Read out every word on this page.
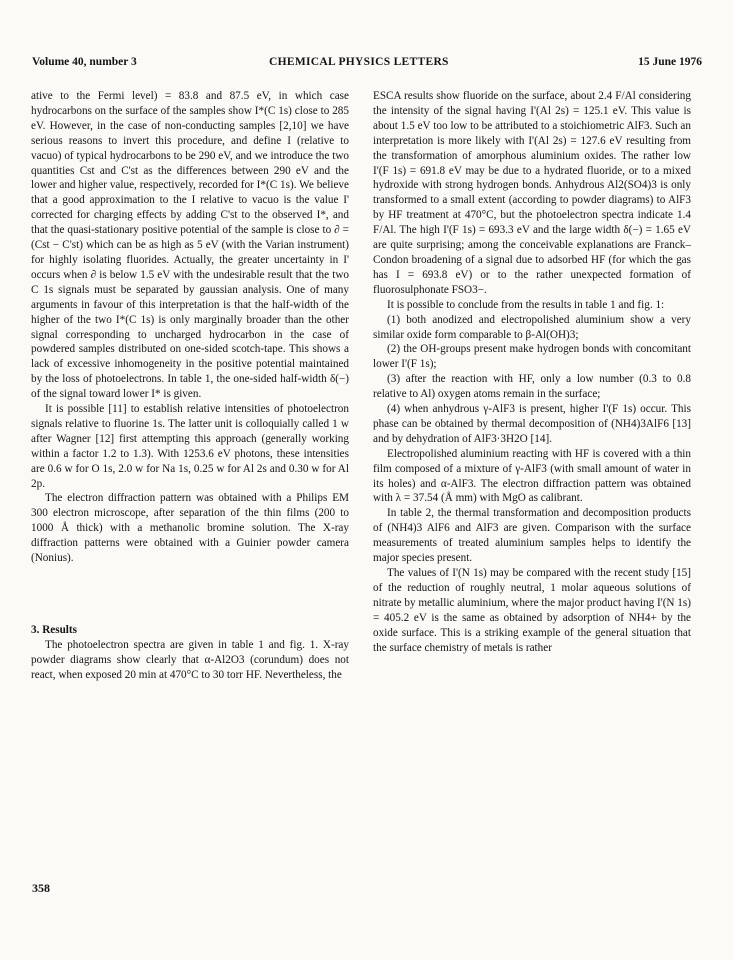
Volume 40, number 3	CHEMICAL PHYSICS LETTERS	15 June 1976

ative to the Fermi level) = 83.8 and 87.5 eV, in which case hydrocarbons on the surface of the samples show I*(C 1s) close to 285 eV. However, in the case of non-conducting samples [2,10] we have serious reasons to invert this procedure, and define I (relative to vacuo) of typical hydrocarbons to be 290 eV, and we introduce the two quantities Cst and C'st as the differences between 290 eV and the lower and higher value, respectively, recorded for I*(C 1s). We believe that a good approximation to the I relative to vacuo is the value I' corrected for charging effects by adding C'st to the observed I*, and that the quasi-stationary positive potential of the sample is close to ∂ = (Cst − C'st) which can be as high as 5 eV (with the Varian instrument) for highly isolating fluorides. Actually, the greater uncertainty in I' occurs when ∂ is below 1.5 eV with the undesirable result that the two C 1s signals must be separated by gaussian analysis. One of many arguments in favour of this interpretation is that the half-width of the higher of the two I*(C 1s) is only marginally broader than the other signal corresponding to uncharged hydrocarbon in the case of powdered samples distributed on one-sided scotch-tape. This shows a lack of excessive inhomogeneity in the positive potential maintained by the loss of photoelectrons. In table 1, the one-sided half-width δ(−) of the signal toward lower I* is given.

It is possible [11] to establish relative intensities of photoelectron signals relative to fluorine 1s. The latter unit is colloquially called 1 w after Wagner [12] first attempting this approach (generally working within a factor 1.2 to 1.3). With 1253.6 eV photons, these intensities are 0.6 w for O 1s, 2.0 w for Na 1s, 0.25 w for Al 2s and 0.30 w for Al 2p.

The electron diffraction pattern was obtained with a Philips EM 300 electron microscope, after separation of the thin films (200 to 1000 Å thick) with a methanolic bromine solution. The X-ray diffraction patterns were obtained with a Guinier powder camera (Nonius).

3. Results

The photoelectron spectra are given in table 1 and fig. 1. X-ray powder diagrams show clearly that α-Al2O3 (corundum) does not react, when exposed 20 min at 470°C to 30 torr HF. Nevertheless, the

ESCA results show fluoride on the surface, about 2.4 F/Al considering the intensity of the signal having I'(Al 2s) = 125.1 eV. This value is about 1.5 eV too low to be attributed to a stoichiometric AlF3. Such an interpretation is more likely with I'(Al 2s) = 127.6 eV resulting from the transformation of amorphous aluminium oxides. The rather low I'(F 1s) = 691.8 eV may be due to a hydrated fluoride, or to a mixed hydroxide with strong hydrogen bonds. Anhydrous Al2(SO4)3 is only transformed to a small extent (according to powder diagrams) to AlF3 by HF treatment at 470°C, but the photoelectron spectra indicate 1.4 F/Al. The high I'(F 1s) = 693.3 eV and the large width δ(−) = 1.65 eV are quite surprising; among the conceivable explanations are Franck–Condon broadening of a signal due to adsorbed HF (for which the gas has I = 693.8 eV) or to the rather unexpected formation of fluorosulphonate FSO3−.

It is possible to conclude from the results in table 1 and fig. 1:

(1) both anodized and electropolished aluminium show a very similar oxide form comparable to β-Al(OH)3;

(2) the OH-groups present make hydrogen bonds with concomitant lower I'(F 1s);

(3) after the reaction with HF, only a low number (0.3 to 0.8 relative to Al) oxygen atoms remain in the surface;

(4) when anhydrous γ-AlF3 is present, higher I'(F 1s) occur. This phase can be obtained by thermal decomposition of (NH4)3AlF6 [13] and by dehydration of AlF3·3H2O [14].

Electropolished aluminium reacting with HF is covered with a thin film composed of a mixture of γ-AlF3 (with small amount of water in its holes) and α-AlF3. The electron diffraction pattern was obtained with λ = 37.54 (Å mm) with MgO as calibrant.

In table 2, the thermal transformation and decomposition products of (NH4)3 AlF6 and AlF3 are given. Comparison with the surface measurements of treated aluminium samples helps to identify the major species present.

The values of I'(N 1s) may be compared with the recent study [15] of the reduction of roughly neutral, 1 molar aqueous solutions of nitrate by metallic aluminium, where the major product having I'(N 1s) = 405.2 eV is the same as obtained by adsorption of NH4+ by the oxide surface. This is a striking example of the general situation that the surface chemistry of metals is rather

358
